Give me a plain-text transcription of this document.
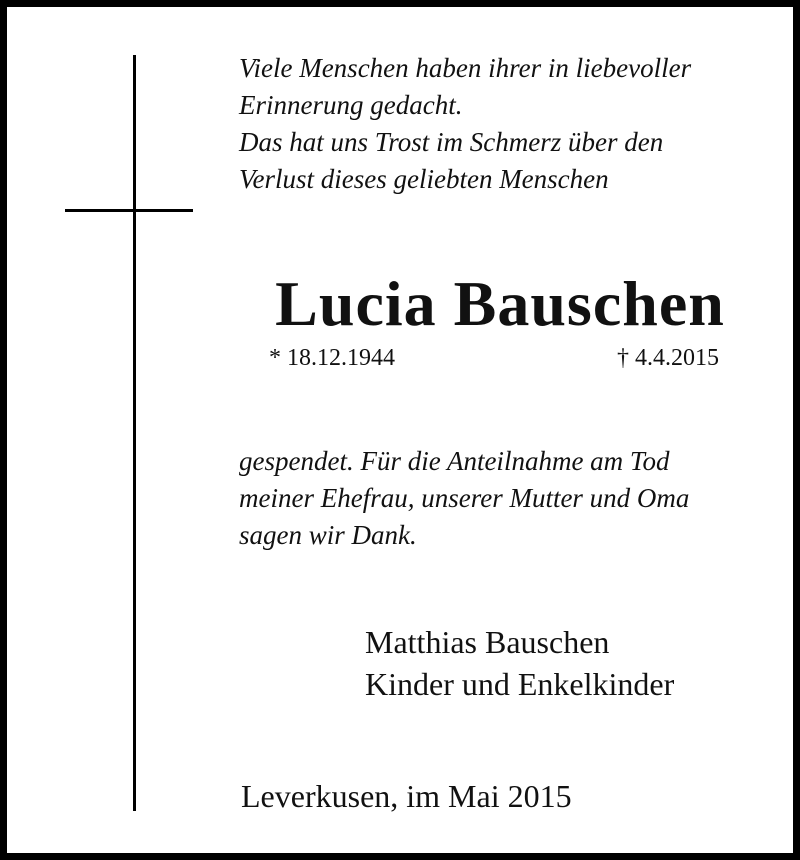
Viele Menschen haben ihrer in liebevoller
Erinnerung gedacht.
Das hat uns Trost im Schmerz über den
Verlust dieses geliebten Menschen
Lucia Bauschen
* 18.12.1944	† 4.4.2015
gespendet. Für die Anteilnahme am Tod
meiner Ehefrau, unserer Mutter und Oma
sagen wir Dank.
Matthias Bauschen
Kinder und Enkelkinder
Leverkusen, im Mai 2015
